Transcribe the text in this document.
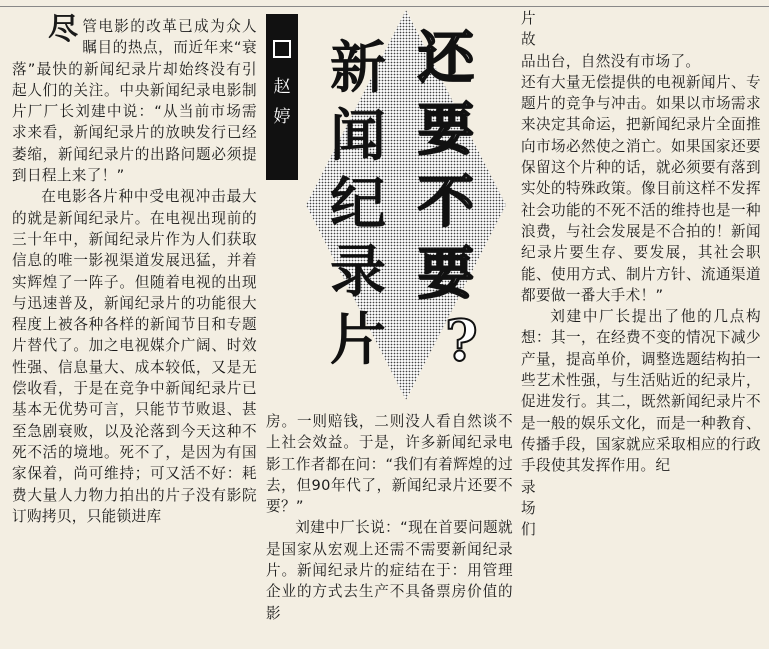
尽管电影的改革已成为众人瞩目的热点，而近年来“衰落”最快的新闻纪录片却始终没有引起人们的关注。中央新闻纪录电影制片厂厂长刘建中说：“从当前市场需求来看，新闻纪录片的放映发行已经萎缩，新闻纪录片的出路问题必须提到日程上来了！”

在电影各片种中受电视冲击最大的就是新闻纪录片。在电视出现前的三十年中，新闻纪录片作为人们获取信息的唯一影视渠道发展迅猛，并着实辉煌了一阵子。但随着电视的出现与迅速普及，新闻纪录片的功能很大程度上被各种各样的新闻节目和专题片替代了。加之电视媒介广阔、时效性强、信息量大、成本较低，又是无偿收看，于是在竞争中新闻纪录片已基本无优势可言，只能节节败退、甚至急剧衰败，以及沦落到今天这种不死不活的境地。死不了，是因为有国家保着，尚可维持；可又活不好：耗费大量人力物力拍出的片子没有影院订购拷贝，只能锁进库

赵
婷
还
要
不
要
新
闻
纪
录
片 ?

房。一则赔钱，二则没人看自然谈不上社会效益。于是，许多新闻纪录电影工作者都在问：“我们有着辉煌的过去，但90年代了，新闻纪录片还要不要？”

刘建中厂长说：“现在首要问题就是国家从宏观上还需不需要新闻纪录片。新闻纪录片的症结在于：用管理企业的方式去生产不具备票房价值的影

片

故

品出台，自然没有市场了。

还有大量无偿提供的电视新闻片、专题片的竞争与冲击。如果以市场需求来决定其命运，把新闻纪录片全面推向市场必然使之消亡。如果国家还要保留这个片种的话，就必须要有落到实处的特殊政策。像目前这样不发挥社会功能的不死不活的维持也是一种浪费，与社会发展是不合拍的！新闻纪录片要生存、要发展，其社会职能、使用方式、制片方针、流通渠道都要做一番大手术！”

刘建中厂长提出了他的几点构想：其一，在经费不变的情况下减少产量，提高单价，调整选题结构拍一些艺术性强，与生活贴近的纪录片，促进发行。其二，既然新闻纪录片不是一般的娱乐文化，而是一种教育、传播手段，国家就应采取相应的行政手段使其发挥作用。纪

录

场

们
